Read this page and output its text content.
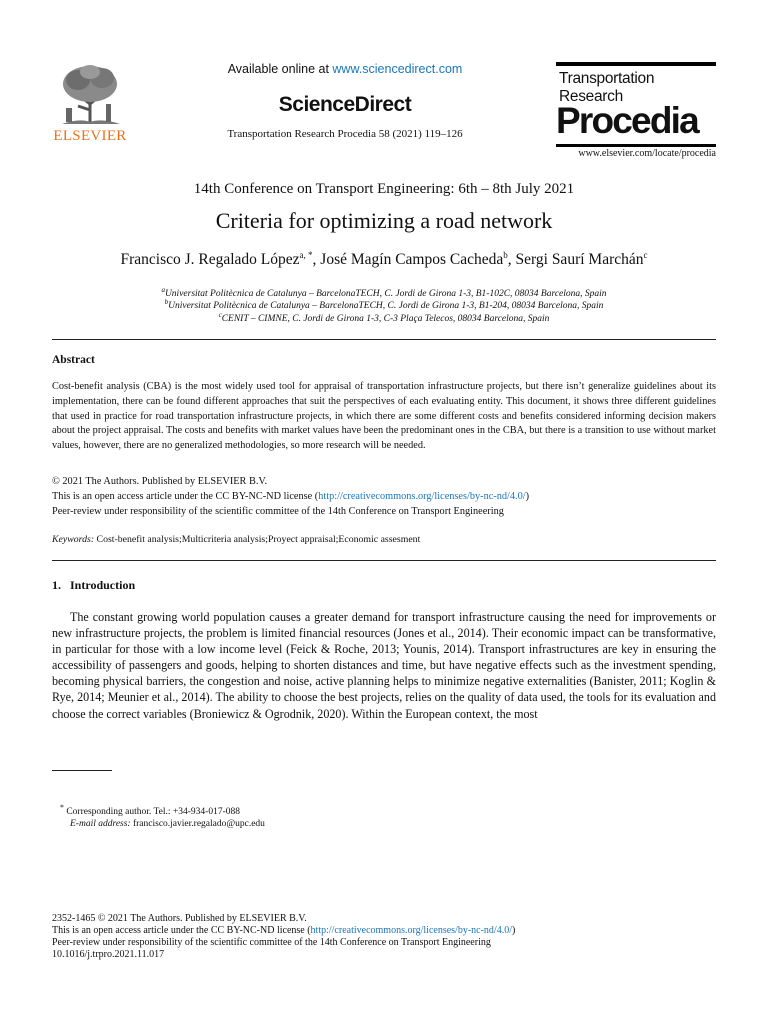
ELSEVIER
Available online at www.sciencedirect.com
ScienceDirect
Transportation Research Procedia 58 (2021) 119–126
Transportation
Research
Procedia
www.elsevier.com/locate/procedia
14th Conference on Transport Engineering: 6th – 8th July 2021
Criteria for optimizing a road network
Francisco J. Regalado López$^{a, *}$, José Magín Campos Cacheda$^b$, Sergi Saurí Marchán$^c$
$^a$Universitat Politècnica de Catalunya – BarcelonaTECH, C. Jordi de Girona 1-3, B1-102C, 08034 Barcelona, Spain
$^b$Universitat Politècnica de Catalunya – BarcelonaTECH, C. Jordi de Girona 1-3, B1-204, 08034 Barcelona, Spain
$^c$CENIT – CIMNE, C. Jordi de Girona 1-3, C-3 Plaça Telecos, 08034 Barcelona, Spain
Abstract

Cost-benefit analysis (CBA) is the most widely used tool for appraisal of transportation infrastructure projects, but there isn’t generalize guidelines about its implementation, there can be found different approaches that suit the perspectives of each evaluating entity. This document, it shows three different guidelines that used in practice for road transportation infrastructure projects, in which there are some different costs and benefits considered informing decision makers about the project appraisal. The costs and benefits with market values have been the predominant ones in the CBA, but there is a transition to use without market values, however, there are no generalized methodologies, so more research will be needed.

© 2021 The Authors. Published by ELSEVIER B.V.
This is an open access article under the CC BY-NC-ND license (http://creativecommons.org/licenses/by-nc-nd/4.0/)
Peer-review under responsibility of the scientific committee of the 14th Conference on Transport Engineering
Keywords: Cost-benefit analysis;Multicriteria analysis;Proyect appraisal;Economic assesment
1.   Introduction

The constant growing world population causes a greater demand for transport infrastructure causing the need for improvements or new infrastructure projects, the problem is limited financial resources (Jones et al., 2014). Their economic impact can be transformative, in particular for those with a low income level (Feick & Roche, 2013; Younis, 2014). Transport infrastructures are key in ensuring the accessibility of passengers and goods, helping to shorten distances and time, but have negative effects such as the investment spending, becoming physical barriers, the congestion and noise, active planning helps to minimize negative externalities (Banister, 2011; Koglin & Rye, 2014; Meunier et al., 2014). The ability to choose the best projects, relies on the quality of data used, the tools for its evaluation and choose the correct variables (Broniewicz & Ogrodnik, 2020). Within the European context, the most

* Corresponding author. Tel.: +34-934-017-088
E-mail address: francisco.javier.regalado@upc.edu
2352-1465 © 2021 The Authors. Published by ELSEVIER B.V.
This is an open access article under the CC BY-NC-ND license (http://creativecommons.org/licenses/by-nc-nd/4.0/)
Peer-review under responsibility of the scientific committee of the 14th Conference on Transport Engineering
10.1016/j.trpro.2021.11.017
